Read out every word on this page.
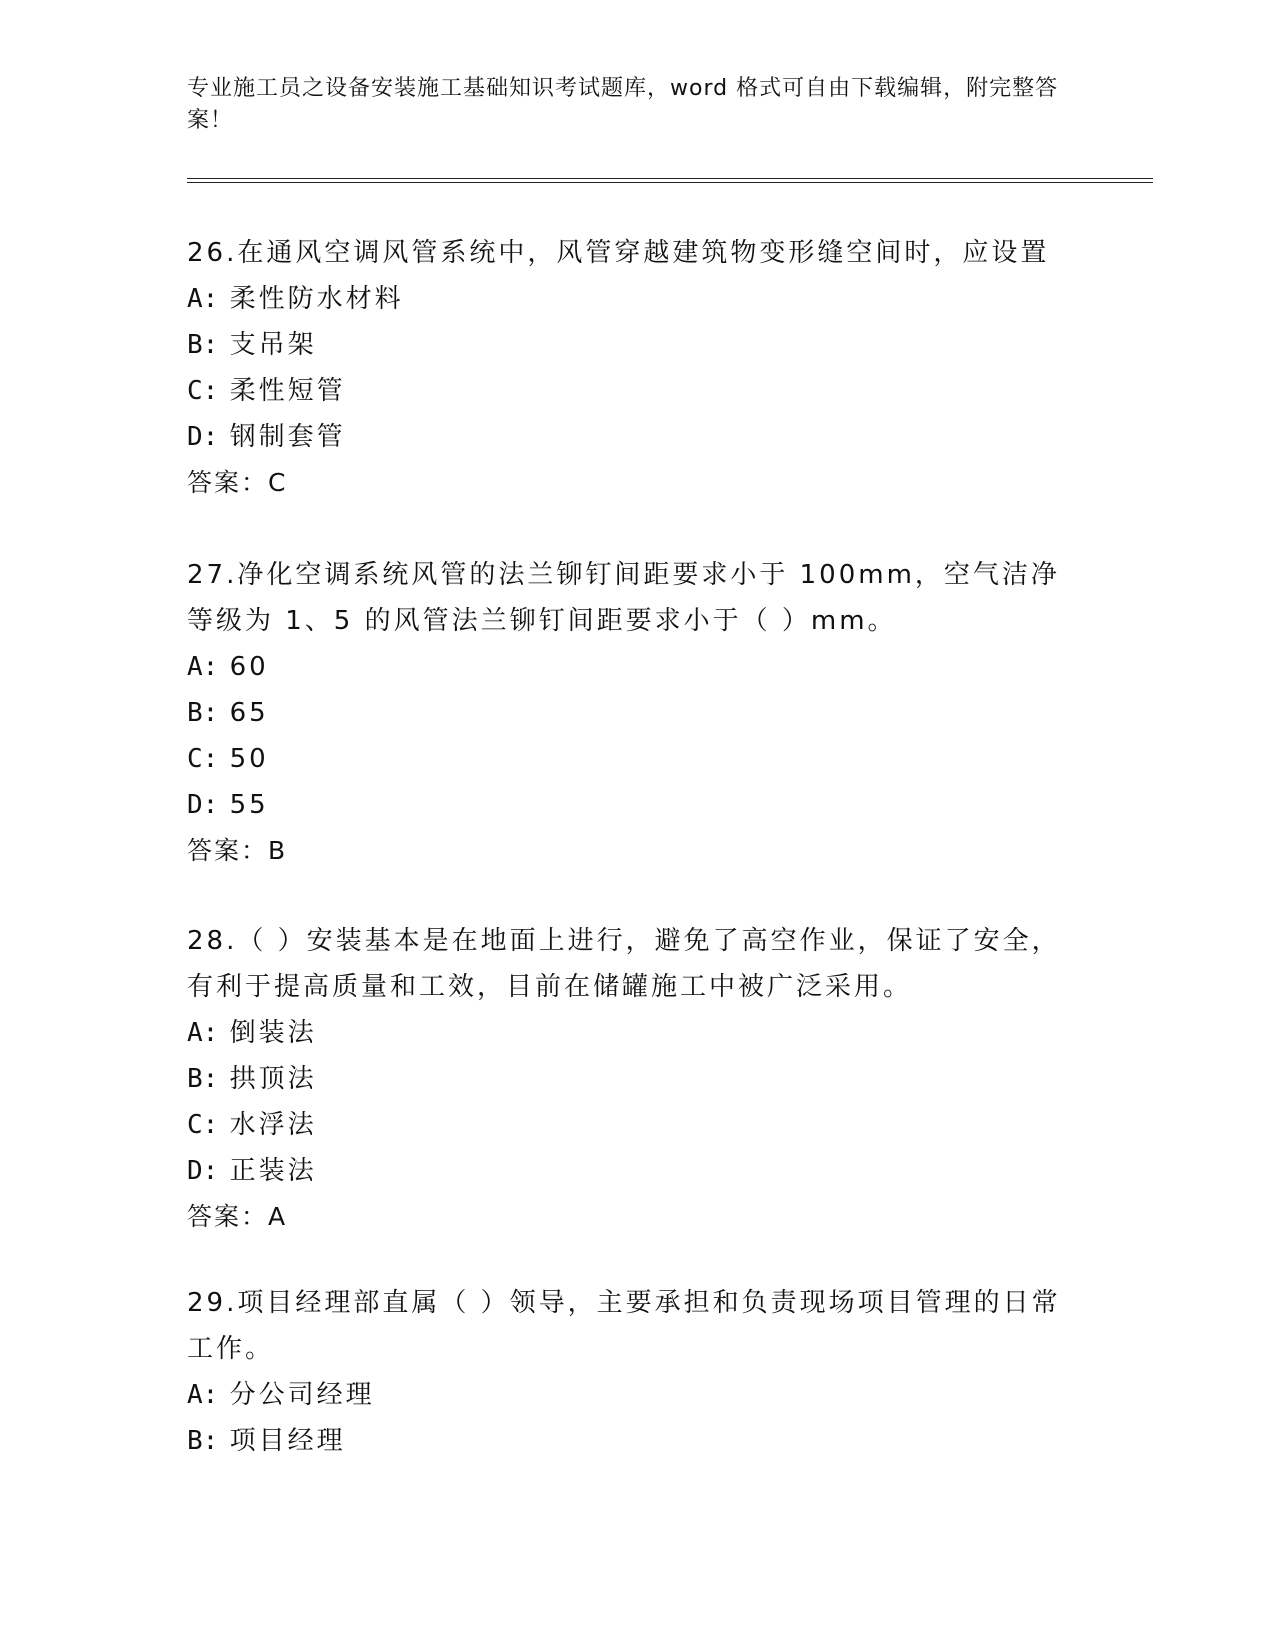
专业施工员之设备安装施工基础知识考试题库，word 格式可自由下载编辑，附完整答案！
26.在通风空调风管系统中，风管穿越建筑物变形缝空间时，应设置
A: 柔性防水材料
B: 支吊架
C: 柔性短管
D: 钢制套管
答案：C
27.净化空调系统风管的法兰铆钉间距要求小于 100mm，空气洁净等级为 1、5 的风管法兰铆钉间距要求小于（ ）mm。
A: 60
B: 65
C: 50
D: 55
答案：B
28.（ ）安装基本是在地面上进行，避免了高空作业，保证了安全，有利于提高质量和工效，目前在储罐施工中被广泛采用。
A: 倒装法
B: 拱顶法
C: 水浮法
D: 正装法
答案：A
29.项目经理部直属（ ）领导，主要承担和负责现场项目管理的日常工作。
A: 分公司经理
B: 项目经理
